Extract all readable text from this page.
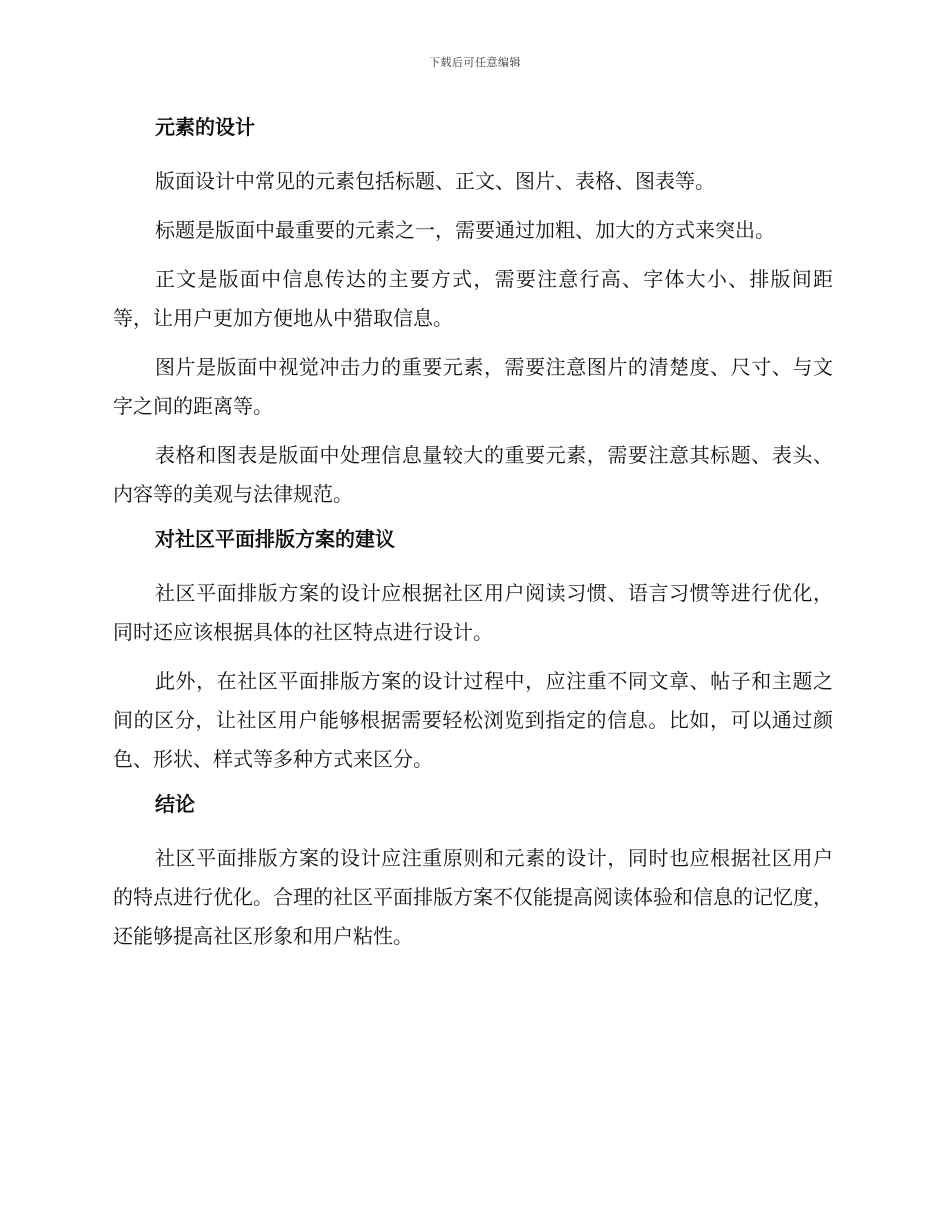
下载后可任意编辑
元素的设计

版面设计中常见的元素包括标题、正文、图片、表格、图表等。

标题是版面中最重要的元素之一，需要通过加粗、加大的方式来突出。

正文是版面中信息传达的主要方式，需要注意行高、字体大小、排版间距等，让用户更加方便地从中猎取信息。

图片是版面中视觉冲击力的重要元素，需要注意图片的清楚度、尺寸、与文字之间的距离等。

表格和图表是版面中处理信息量较大的重要元素，需要注意其标题、表头、内容等的美观与法律规范。

对社区平面排版方案的建议

社区平面排版方案的设计应根据社区用户阅读习惯、语言习惯等进行优化，同时还应该根据具体的社区特点进行设计。

此外，在社区平面排版方案的设计过程中，应注重不同文章、帖子和主题之间的区分，让社区用户能够根据需要轻松浏览到指定的信息。比如，可以通过颜色、形状、样式等多种方式来区分。

结论

社区平面排版方案的设计应注重原则和元素的设计，同时也应根据社区用户的特点进行优化。合理的社区平面排版方案不仅能提高阅读体验和信息的记忆度，还能够提高社区形象和用户粘性。
